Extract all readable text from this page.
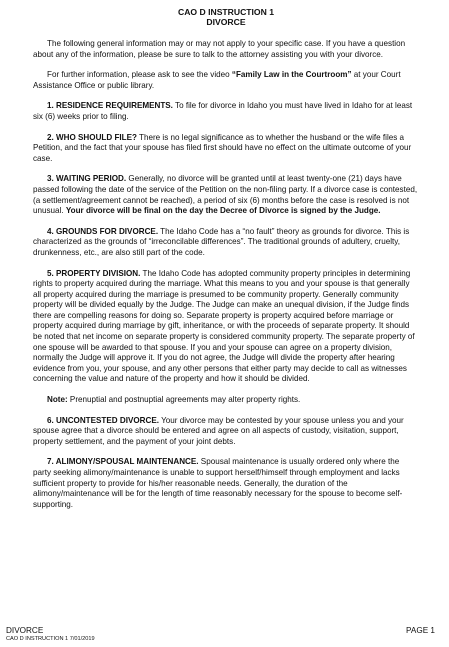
CAO D INSTRUCTION 1
DIVORCE

The following general information may or may not apply to your specific case. If you have a question about any of the information, please be sure to talk to the attorney assisting you with your divorce.

For further information, please ask to see the video “Family Law in the Courtroom” at your Court Assistance Office or public library.

1. RESIDENCE REQUIREMENTS. To file for divorce in Idaho you must have lived in Idaho for at least six (6) weeks prior to filing.

2. WHO SHOULD FILE? There is no legal significance as to whether the husband or the wife files a Petition, and the fact that your spouse has filed first should have no effect on the ultimate outcome of your case.

3. WAITING PERIOD. Generally, no divorce will be granted until at least twenty-one (21) days have passed following the date of the service of the Petition on the non-filing party. If a divorce case is contested, (a settlement/agreement cannot be reached), a period of six (6) months before the case is resolved is not unusual. Your divorce will be final on the day the Decree of Divorce is signed by the Judge.

4. GROUNDS FOR DIVORCE. The Idaho Code has a “no fault” theory as grounds for divorce. This is characterized as the grounds of “irreconcilable differences”. The traditional grounds of adultery, cruelty, drunkenness, etc., are also still part of the code.

5. PROPERTY DIVISION. The Idaho Code has adopted community property principles in determining rights to property acquired during the marriage. What this means to you and your spouse is that generally all property acquired during the marriage is presumed to be community property. Generally community property will be divided equally by the Judge. The Judge can make an unequal division, if the Judge finds there are compelling reasons for doing so. Separate property is property acquired before marriage or property acquired during marriage by gift, inheritance, or with the proceeds of separate property. It should be noted that net income on separate property is considered community property. The separate property of one spouse will be awarded to that spouse. If you and your spouse can agree on a property division, normally the Judge will approve it. If you do not agree, the Judge will divide the property after hearing evidence from you, your spouse, and any other persons that either party may decide to call as witnesses concerning the value and nature of the property and how it should be divided.

Note: Prenuptial and postnuptial agreements may alter property rights.

6. UNCONTESTED DIVORCE. Your divorce may be contested by your spouse unless you and your spouse agree that a divorce should be entered and agree on all aspects of custody, visitation, support, property settlement, and the payment of your joint debts.

7. ALIMONY/SPOUSAL MAINTENANCE. Spousal maintenance is usually ordered only where the party seeking alimony/maintenance is unable to support herself/himself through employment and lacks sufficient property to provide for his/her reasonable needs. Generally, the duration of the alimony/maintenance will be for the length of time reasonably necessary for the spouse to become self-supporting.

DIVORCE
CAO D INSTRUCTION 1 7/01/2019
PAGE 1
